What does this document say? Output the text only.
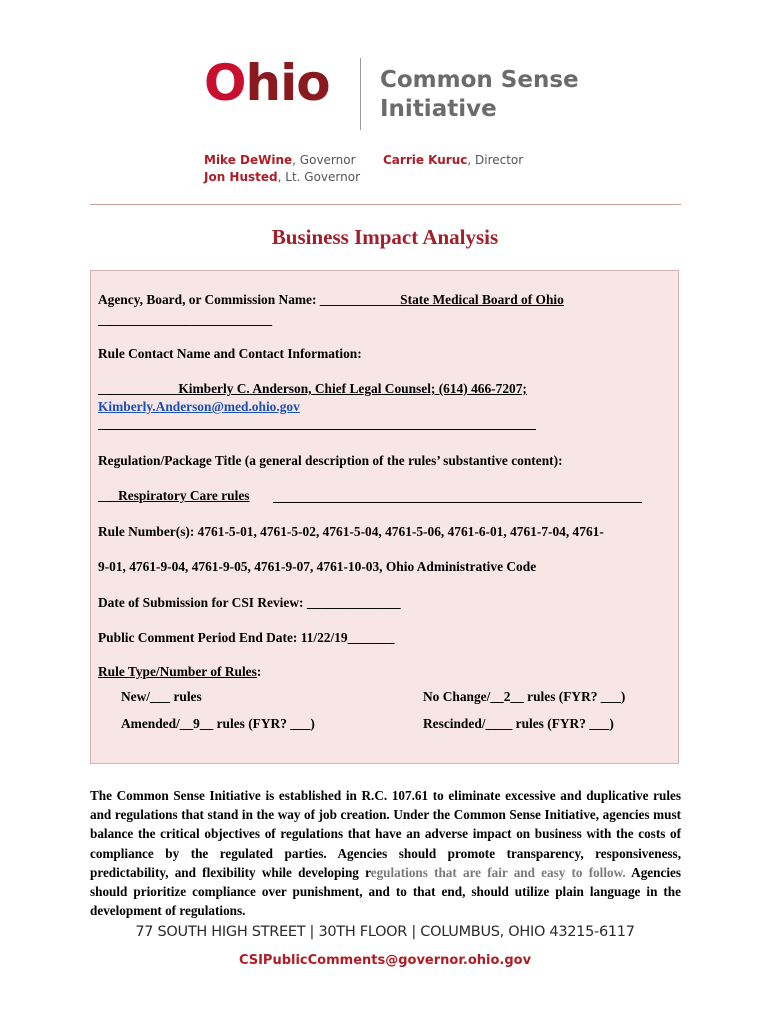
Ohio Common Sense
Initiative
Mike DeWine, Governor
Jon Husted, Lt. Governor
Carrie Kuruc, Director
Business Impact Analysis
Agency, Board, or Commission Name: ____________State Medical Board of Ohio
__________________________
Rule Contact Name and Contact Information:
____________Kimberly C. Anderson, Chief Legal Counsel; (614) 466-7207;
Kimberly.Anderson@med.ohio.gov
Regulation/Package Title (a general description of the rules’ substantive content):
___Respiratory Care rules
Rule Number(s): 4761-5-01, 4761-5-02, 4761-5-04, 4761-5-06, 4761-6-01, 4761-7-04, 4761-
9-01, 4761-9-04, 4761-9-05, 4761-9-07, 4761-10-03, Ohio Administrative Code
Date of Submission for CSI Review: ______________
Public Comment Period End Date: 11/22/19_______
Rule Type/Number of Rules:
New/___ rules	No Change/__2__ rules (FYR? ___)
Amended/__9__ rules (FYR? ___)	Rescinded/____ rules (FYR? ___)
The Common Sense Initiative is established in R.C. 107.61 to eliminate excessive and duplicative rules and regulations that stand in the way of job creation. Under the Common Sense Initiative, agencies must balance the critical objectives of regulations that have an adverse impact on business with the costs of compliance by the regulated parties. Agencies should promote transparency, responsiveness, predictability, and flexibility while developing regulations that are fair and easy to follow. Agencies should prioritize compliance over punishment, and to that end, should utilize plain language in the development of regulations.
77 SOUTH HIGH STREET | 30TH FLOOR | COLUMBUS, OHIO 43215-6117
CSIPublicComments@governor.ohio.gov
